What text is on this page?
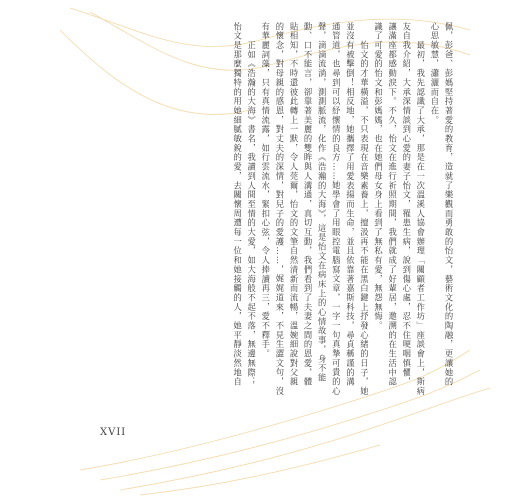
佩，彭爸、彭媽堅持著愛的教育，造就了樂觀而勇敢的怡文，藝術文化的陶融，更讓她的
心思敏慧，瀟灑而自在。
　　最初，我先認識了大承，那是在一次溫溪人協會辦理「關顧者工作坊」座談會上，斯病
友自我介紹，大承深情談到心愛的妻子怡文，罹患生病，說到傷心處，忍不住哽咽慎懼，
讓滿座都感動淚下。不久，怡文在進行祈照期間，我們就成了好輩居，邀溯的在生活中認
識了可愛的怡文和彭媽媽，也在她們母女身上看到了無私有愛，無怨無悔。
　　怡文的才華橫溢，不只表現在音樂素養上，擅汲再不能在黑白鍵上抒發心緒的日子，她
並沒有被擊倒！相反地，她攜擇了用愛表揚而生命，並且依靠著嘉斯科技，尋貞稱謹的溝
通管道，也尋到可以紓懷情的良方……她學會了用眼控電腦寫文章，一字一句真摯可貴的心
聲，滴滴流淌，測測脈流，化作《浩瀚的大海》，這是怡文在病床上的心情故事，身不能
動、口不能言，卻靠著美麗的雙眸與人溝通，真切互動，我們看到了夫妻之間的恩愛，體
貼相知，不時還彼此轉上一默，令人莞爾，怡文的文筆自然清新而流暢，溫婉細說對父親
的懷念，對母親的感恩，對丈夫的深情，對兒子的愛護……，娓娓道來，不見生澀文句，沒
有華麗詞藻，只有真情流露，如行雲流水，緊扣心弦，令人捧讀再三，愛不釋手。
　　正如《浩瀚的大海》書名，我讀到人間至情的大愛，如大海般不起不落，無邊無際；
怡文是那麼獨特的用她細膩敏銳的愛，去關懷周遭每一位和她接觸的人，她平靜淡然地自
XVII
